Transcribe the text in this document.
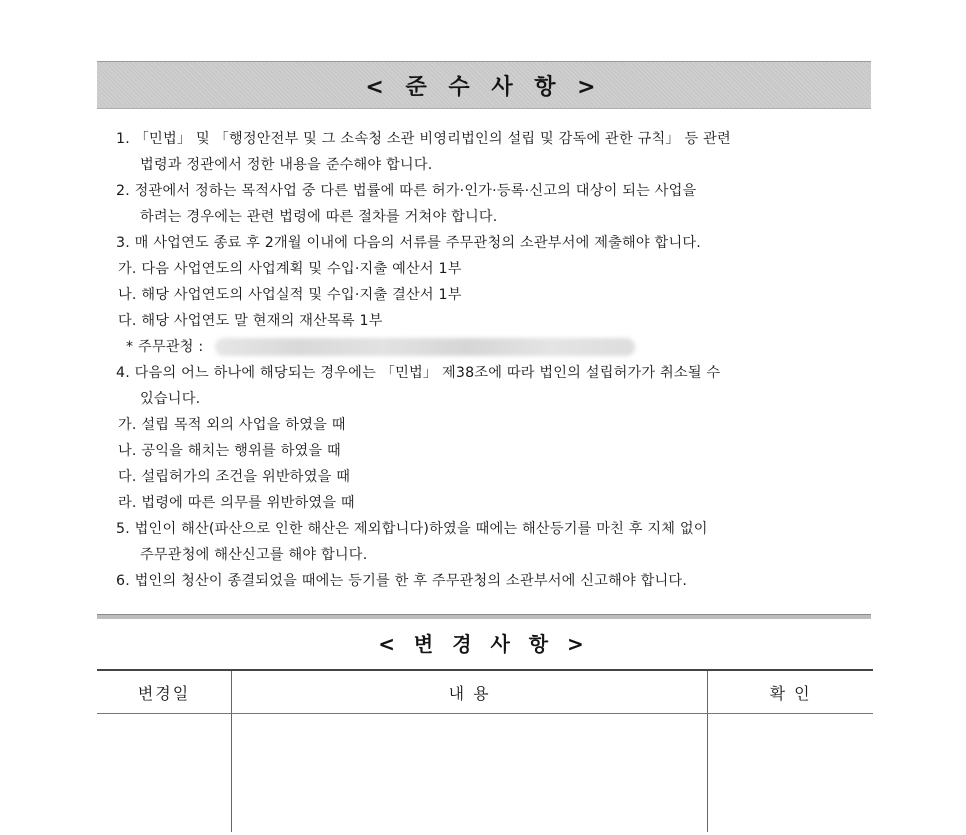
< 준 수 사 항 >
1. 「민법」 및 「행정안전부 및 그 소속청 소관 비영리법인의 설립 및 감독에 관한 규칙」 등 관련
법령과 정관에서 정한 내용을 준수해야 합니다.
2. 정관에서 정하는 목적사업 중 다른 법률에 따른 허가·인가·등록·신고의 대상이 되는 사업을
하려는 경우에는 관련 법령에 따른 절차를 거쳐야 합니다.
3. 매 사업연도 종료 후 2개월 이내에 다음의 서류를 주무관청의 소관부서에 제출해야 합니다.
가. 다음 사업연도의 사업계획 및 수입·지출 예산서 1부
나. 해당 사업연도의 사업실적 및 수입·지출 결산서 1부
다. 해당 사업연도 말 현재의 재산목록 1부
* 주무관청 :
4. 다음의 어느 하나에 해당되는 경우에는 「민법」 제38조에 따라 법인의 설립허가가 취소될 수
있습니다.
가. 설립 목적 외의 사업을 하였을 때
나. 공익을 해치는 행위를 하였을 때
다. 설립허가의 조건을 위반하였을 때
라. 법령에 따른 의무를 위반하였을 때
5. 법인이 해산(파산으로 인한 해산은 제외합니다)하였을 때에는 해산등기를 마친 후 지체 없이
주무관청에 해산신고를 해야 합니다.
6. 법인의 청산이 종결되었을 때에는 등기를 한 후 주무관청의 소관부서에 신고해야 합니다.
< 변 경 사 항 >
변경일	내 용	확 인
